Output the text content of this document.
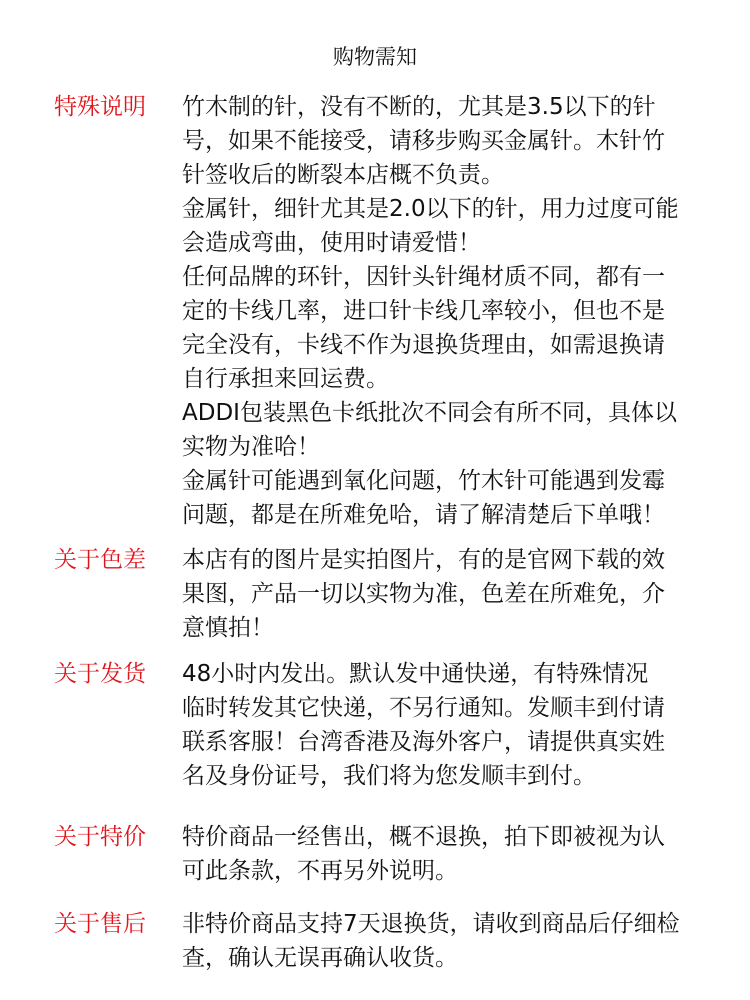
购物需知
特殊说明 竹木制的针，没有不断的，尤其是3.5以下的针
号，如果不能接受，请移步购买金属针。木针竹
针签收后的断裂本店概不负责。
金属针，细针尤其是2.0以下的针，用力过度可能
会造成弯曲，使用时请爱惜！
任何品牌的环针，因针头针绳材质不同，都有一
定的卡线几率，进口针卡线几率较小，但也不是
完全没有，卡线不作为退换货理由，如需退换请
自行承担来回运费。
ADDI包装黑色卡纸批次不同会有所不同，具体以
实物为准哈！
金属针可能遇到氧化问题，竹木针可能遇到发霉
问题，都是在所难免哈，请了解清楚后下单哦！
关于色差 本店有的图片是实拍图片，有的是官网下载的效
果图，产品一切以实物为准，色差在所难免，介
意慎拍！
关于发货 48小时内发出。默认发中通快递，有特殊情况
临时转发其它快递，不另行通知。发顺丰到付请
联系客服！台湾香港及海外客户，请提供真实姓
名及身份证号，我们将为您发顺丰到付。
关于特价 特价商品一经售出，概不退换，拍下即被视为认
可此条款，不再另外说明。
关于售后 非特价商品支持7天退换货，请收到商品后仔细检
查，确认无误再确认收货。
